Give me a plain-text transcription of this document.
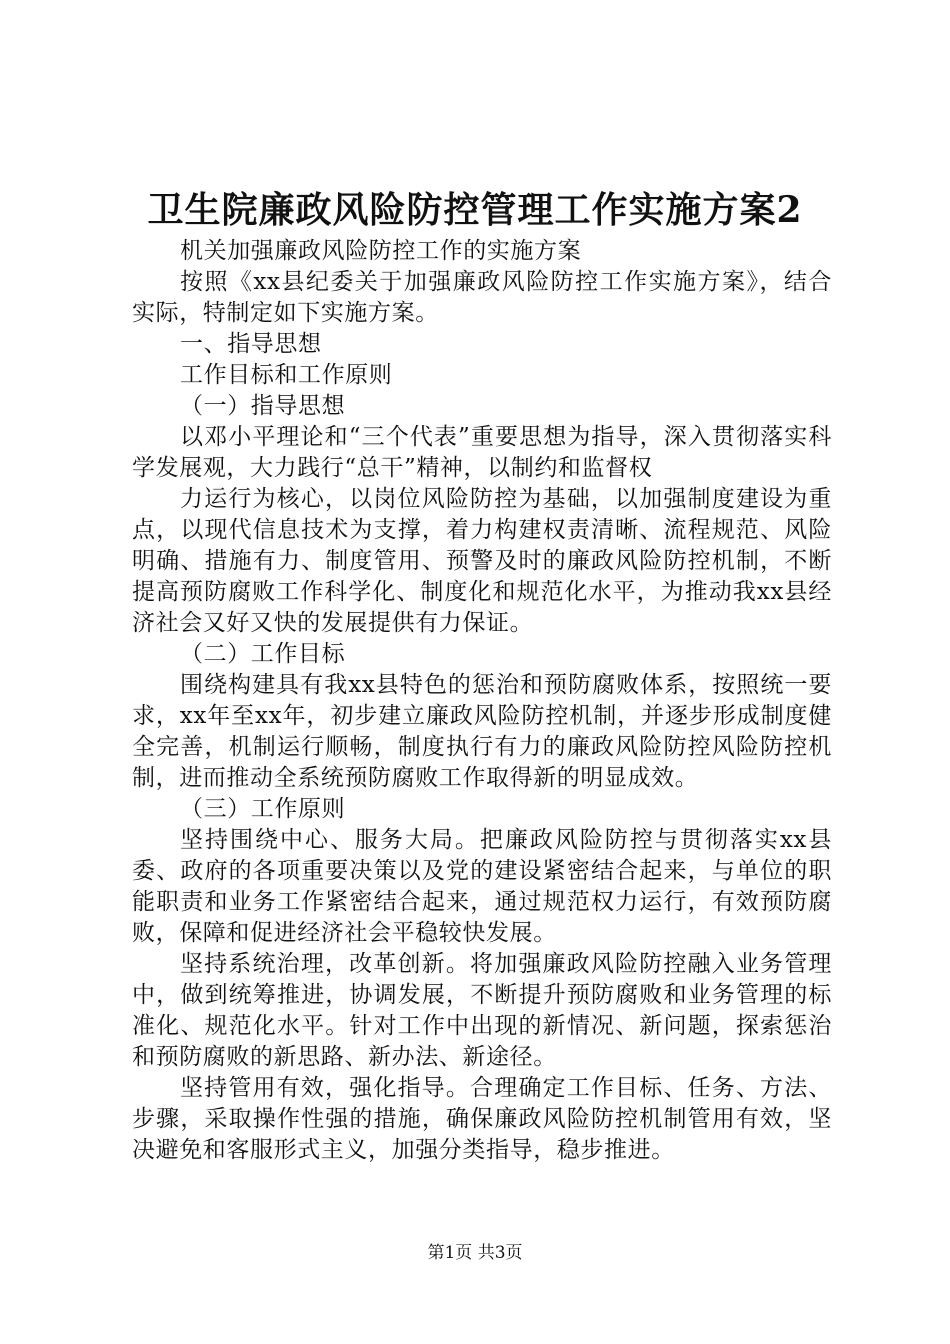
卫生院廉政风险防控管理工作实施方案2

机关加强廉政风险防控工作的实施方案

按照《xx县纪委关于加强廉政风险防控工作实施方案》，结合实际，特制定如下实施方案。

一、指导思想

工作目标和工作原则

（一）指导思想

以邓小平理论和“三个代表”重要思想为指导，深入贯彻落实科学发展观，大力践行“总干”精神，以制约和监督权

力运行为核心，以岗位风险防控为基础，以加强制度建设为重点，以现代信息技术为支撑，着力构建权责清晰、流程规范、风险明确、措施有力、制度管用、预警及时的廉政风险防控机制，不断提高预防腐败工作科学化、制度化和规范化水平，为推动我xx县经济社会又好又快的发展提供有力保证。

（二）工作目标

围绕构建具有我xx县特色的惩治和预防腐败体系，按照统一要求，xx年至xx年，初步建立廉政风险防控机制，并逐步形成制度健全完善，机制运行顺畅，制度执行有力的廉政风险防控风险防控机制，进而推动全系统预防腐败工作取得新的明显成效。

（三）工作原则

坚持围绕中心、服务大局。把廉政风险防控与贯彻落实xx县委、政府的各项重要决策以及党的建设紧密结合起来，与单位的职能职责和业务工作紧密结合起来，通过规范权力运行，有效预防腐败，保障和促进经济社会平稳较快发展。

坚持系统治理，改革创新。将加强廉政风险防控融入业务管理中，做到统筹推进，协调发展，不断提升预防腐败和业务管理的标准化、规范化水平。针对工作中出现的新情况、新问题，探索惩治和预防腐败的新思路、新办法、新途径。

坚持管用有效，强化指导。合理确定工作目标、任务、方法、步骤，采取操作性强的措施，确保廉政风险防控机制管用有效，坚决避免和客服形式主义，加强分类指导，稳步推进。

第1页 共3页
